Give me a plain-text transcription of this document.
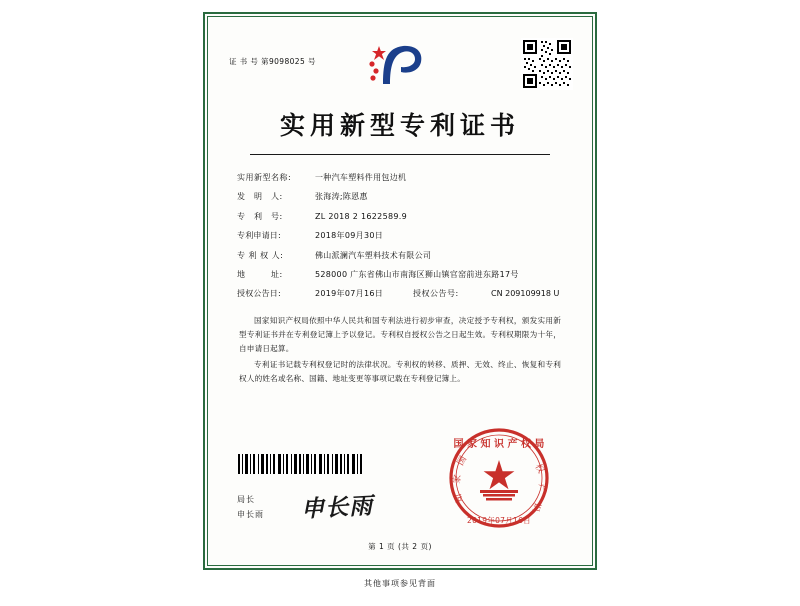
证 书 号 第9098025 号
实用新型专利证书
实用新型名称:	一种汽车塑料件用包边机
发　明　人:	张海涛;陈恩惠
专　利　号:	ZL 2018 2 1622589.9
专利申请日:	2018年09月30日
专 利 权 人:	佛山派澜汽车塑料技术有限公司
地　　　址:	528000 广东省佛山市南海区狮山镇官窑前进东路17号
授权公告日:	2019年07月16日	授权公告号:	CN 209109918 U
国家知识产权局依照中华人民共和国专利法进行初步审查，决定授予专利权，颁发实用新型专利证书并在专利登记簿上予以登记。专利权自授权公告之日起生效。专利权期限为十年，自申请日起算。
专利证书记载专利权登记时的法律状况。专利权的转移、质押、无效、终止、恢复和专利权人的姓名或名称、国籍、地址变更等事项记载在专利登记簿上。
局长
申长雨 申长雨
国 家 知 识 产 权 局
国
家
知
权
产
识
2019年07月16日
第 1 页 (共 2 页)
其他事项参见背面
